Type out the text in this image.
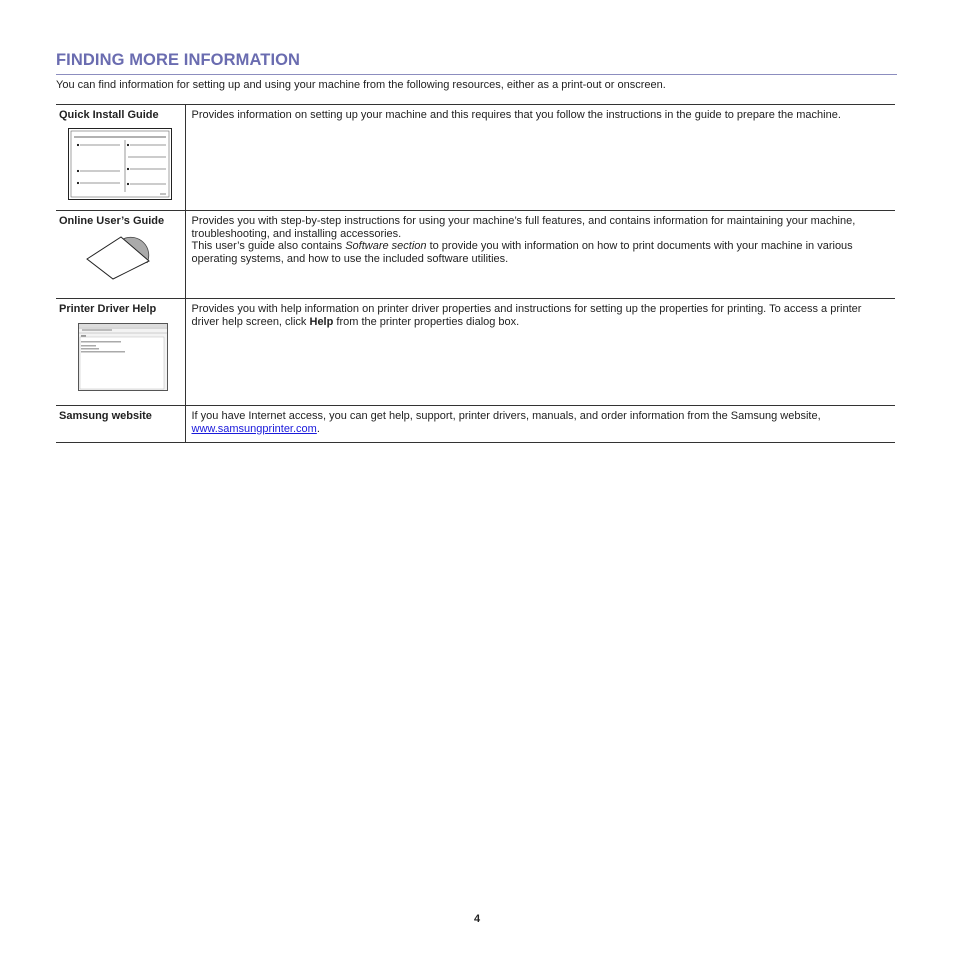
FINDING MORE INFORMATION

You can find information for setting up and using your machine from the following resources, either as a print-out or onscreen.

Quick Install Guide	Provides information on setting up your machine and this requires that you follow the instructions in the guide to prepare the machine.

Online User’s Guide	Provides you with step-by-step instructions for using your machine’s full features, and contains information for maintaining your machine, troubleshooting, and installing accessories.

This user’s guide also contains Software section to provide you with information on how to print documents with your machine in various operating systems, and how to use the included software utilities.

Printer Driver Help	Provides you with help information on printer driver properties and instructions for setting up the properties for printing. To access a printer driver help screen, click Help from the printer properties dialog box.

Samsung website	If you have Internet access, you can get help, support, printer drivers, manuals, and order information from the Samsung website, www.samsungprinter.com.

4
